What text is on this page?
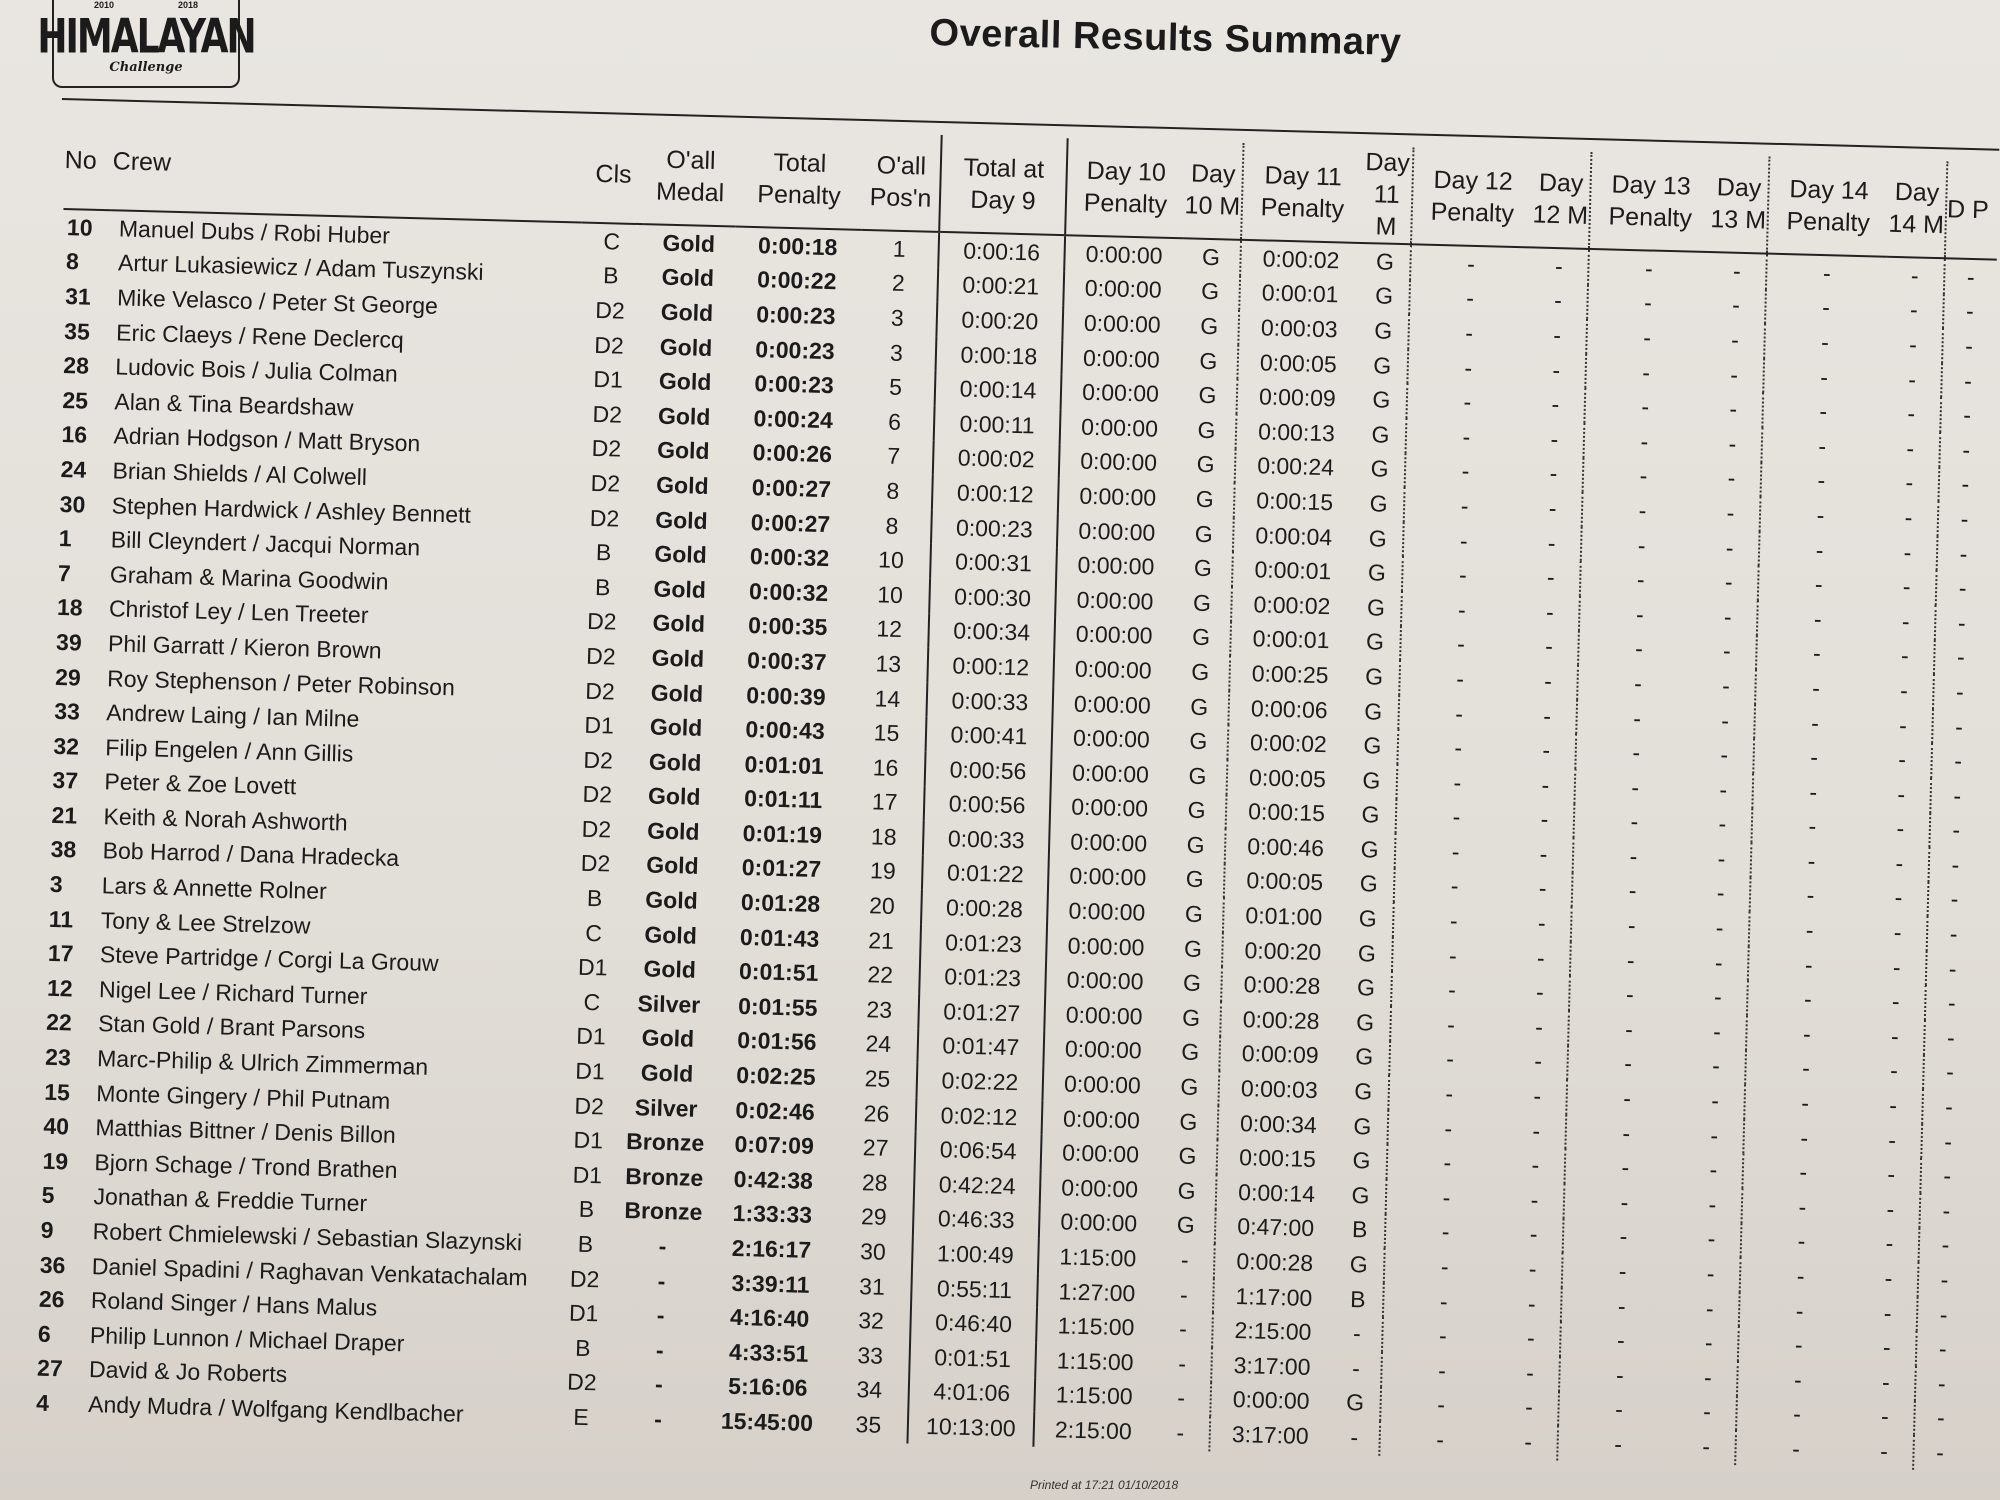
2010	2018
HIMALAYAN
Challenge
Overall Results Summary
No	Crew	Cls	O'all Medal	Total Penalty	O'all Pos'n	Total at Day 9	Day 10 Penalty	Day 10 M	Day 11 Penalty	Day 11 M	Day 12 Penalty	Day 12 M	Day 13 Penalty	Day 13 M	Day 14 Penalty	Day 14 M	D P
10	Manuel Dubs / Robi Huber	C	Gold	0:00:18	1	0:00:16	0:00:00	G	0:00:02	G	-	-	-	-	-	-	-
8	Artur Lukasiewicz / Adam Tuszynski	B	Gold	0:00:22	2	0:00:21	0:00:00	G	0:00:01	G	-	-	-	-	-	-	-
31	Mike Velasco / Peter St George	D2	Gold	0:00:23	3	0:00:20	0:00:00	G	0:00:03	G	-	-	-	-	-	-	-
35	Eric Claeys / Rene Declercq	D2	Gold	0:00:23	3	0:00:18	0:00:00	G	0:00:05	G	-	-	-	-	-	-	-
28	Ludovic Bois / Julia Colman	D1	Gold	0:00:23	5	0:00:14	0:00:00	G	0:00:09	G	-	-	-	-	-	-	-
25	Alan & Tina Beardshaw	D2	Gold	0:00:24	6	0:00:11	0:00:00	G	0:00:13	G	-	-	-	-	-	-	-
16	Adrian Hodgson / Matt Bryson	D2	Gold	0:00:26	7	0:00:02	0:00:00	G	0:00:24	G	-	-	-	-	-	-	-
24	Brian Shields / Al Colwell	D2	Gold	0:00:27	8	0:00:12	0:00:00	G	0:00:15	G	-	-	-	-	-	-	-
30	Stephen Hardwick / Ashley Bennett	D2	Gold	0:00:27	8	0:00:23	0:00:00	G	0:00:04	G	-	-	-	-	-	-	-
1	Bill Cleyndert / Jacqui Norman	B	Gold	0:00:32	10	0:00:31	0:00:00	G	0:00:01	G	-	-	-	-	-	-	-
7	Graham & Marina Goodwin	B	Gold	0:00:32	10	0:00:30	0:00:00	G	0:00:02	G	-	-	-	-	-	-	-
18	Christof Ley / Len Treeter	D2	Gold	0:00:35	12	0:00:34	0:00:00	G	0:00:01	G	-	-	-	-	-	-	-
39	Phil Garratt / Kieron Brown	D2	Gold	0:00:37	13	0:00:12	0:00:00	G	0:00:25	G	-	-	-	-	-	-	-
29	Roy Stephenson / Peter Robinson	D2	Gold	0:00:39	14	0:00:33	0:00:00	G	0:00:06	G	-	-	-	-	-	-	-
33	Andrew Laing / Ian Milne	D1	Gold	0:00:43	15	0:00:41	0:00:00	G	0:00:02	G	-	-	-	-	-	-	-
32	Filip Engelen / Ann Gillis	D2	Gold	0:01:01	16	0:00:56	0:00:00	G	0:00:05	G	-	-	-	-	-	-	-
37	Peter & Zoe Lovett	D2	Gold	0:01:11	17	0:00:56	0:00:00	G	0:00:15	G	-	-	-	-	-	-	-
21	Keith & Norah Ashworth	D2	Gold	0:01:19	18	0:00:33	0:00:00	G	0:00:46	G	-	-	-	-	-	-	-
38	Bob Harrod / Dana Hradecka	D2	Gold	0:01:27	19	0:01:22	0:00:00	G	0:00:05	G	-	-	-	-	-	-	-
3	Lars & Annette Rolner	B	Gold	0:01:28	20	0:00:28	0:00:00	G	0:01:00	G	-	-	-	-	-	-	-
11	Tony & Lee Strelzow	C	Gold	0:01:43	21	0:01:23	0:00:00	G	0:00:20	G	-	-	-	-	-	-	-
17	Steve Partridge / Corgi La Grouw	D1	Gold	0:01:51	22	0:01:23	0:00:00	G	0:00:28	G	-	-	-	-	-	-	-
12	Nigel Lee / Richard Turner	C	Silver	0:01:55	23	0:01:27	0:00:00	G	0:00:28	G	-	-	-	-	-	-	-
22	Stan Gold / Brant Parsons	D1	Gold	0:01:56	24	0:01:47	0:00:00	G	0:00:09	G	-	-	-	-	-	-	-
23	Marc-Philip & Ulrich Zimmerman	D1	Gold	0:02:25	25	0:02:22	0:00:00	G	0:00:03	G	-	-	-	-	-	-	-
15	Monte Gingery / Phil Putnam	D2	Silver	0:02:46	26	0:02:12	0:00:00	G	0:00:34	G	-	-	-	-	-	-	-
40	Matthias Bittner / Denis Billon	D1	Bronze	0:07:09	27	0:06:54	0:00:00	G	0:00:15	G	-	-	-	-	-	-	-
19	Bjorn Schage / Trond Brathen	D1	Bronze	0:42:38	28	0:42:24	0:00:00	G	0:00:14	G	-	-	-	-	-	-	-
5	Jonathan & Freddie Turner	B	Bronze	1:33:33	29	0:46:33	0:00:00	G	0:47:00	B	-	-	-	-	-	-	-
9	Robert Chmielewski / Sebastian Slazynski	B	-	2:16:17	30	1:00:49	1:15:00	-	0:00:28	G	-	-	-	-	-	-	-
36	Daniel Spadini / Raghavan Venkatachalam	D2	-	3:39:11	31	0:55:11	1:27:00	-	1:17:00	B	-	-	-	-	-	-	-
26	Roland Singer / Hans Malus	D1	-	4:16:40	32	0:46:40	1:15:00	-	2:15:00	-	-	-	-	-	-	-	-
6	Philip Lunnon / Michael Draper	B	-	4:33:51	33	0:01:51	1:15:00	-	3:17:00	-	-	-	-	-	-	-	-
27	David & Jo Roberts	D2	-	5:16:06	34	4:01:06	1:15:00	-	0:00:00	G	-	-	-	-	-	-	-
4	Andy Mudra / Wolfgang Kendlbacher	E	-	15:45:00	35	10:13:00	2:15:00	-	3:17:00	-	-	-	-	-	-	-	-
Printed at 17:21 01/10/2018
